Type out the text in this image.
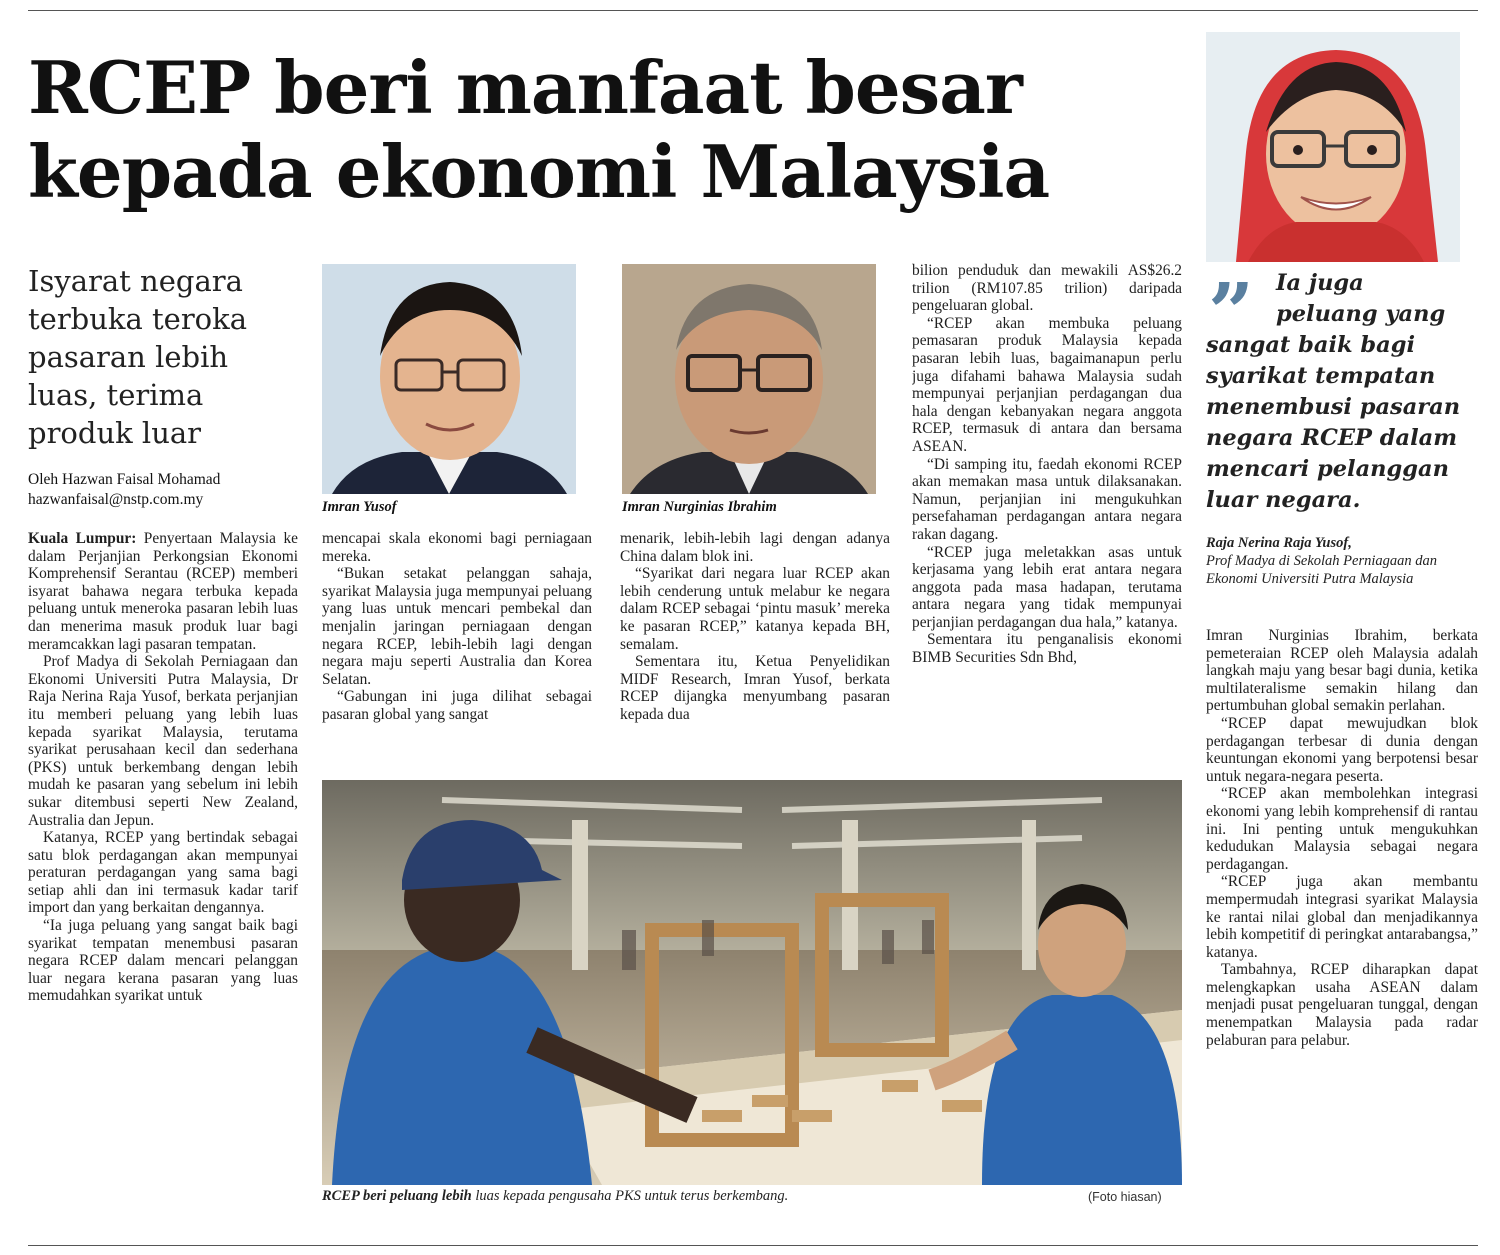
RCEP beri manfaat besar kepada ekonomi Malaysia
Isyarat negara terbuka teroka pasaran lebih luas, terima produk luar
Oleh Hazwan Faisal Mohamad
hazwanfaisal@nstp.com.my

Kuala Lumpur: Penyertaan Malaysia ke dalam Perjanjian Perkongsian Ekonomi Komprehensif Serantau (RCEP) memberi isyarat bahawa negara terbuka kepada peluang untuk meneroka pasaran lebih luas dan menerima masuk produk luar bagi meramcakkan lagi pasaran tempatan.

Prof Madya di Sekolah Perniagaan dan Ekonomi Universiti Putra Malaysia, Dr Raja Nerina Raja Yusof, berkata perjanjian itu memberi peluang yang lebih luas kepada syarikat Malaysia, terutama syarikat perusahaan kecil dan sederhana (PKS) untuk berkembang dengan lebih mudah ke pasaran yang sebelum ini lebih sukar ditembusi seperti New Zealand, Australia dan Jepun.

Katanya, RCEP yang bertindak sebagai satu blok perdagangan akan mempunyai peraturan perdagangan yang sama bagi setiap ahli dan ini termasuk kadar tarif import dan yang berkaitan dengannya.

“Ia juga peluang yang sangat baik bagi syarikat tempatan menembusi pasaran negara RCEP dalam mencari pelanggan luar negara kerana pasaran yang luas memudahkan syarikat untuk

Imran Yusof

mencapai skala ekonomi bagi perniagaan mereka.

“Bukan setakat pelanggan sahaja, syarikat Malaysia juga mempunyai peluang yang luas untuk mencari pembekal dan menjalin jaringan perniagaan dengan negara RCEP, lebih-lebih lagi dengan negara maju seperti Australia dan Korea Selatan.

“Gabungan ini juga dilihat sebagai pasaran global yang sangat

Imran Nurginias Ibrahim

menarik, lebih-lebih lagi dengan adanya China dalam blok ini.

“Syarikat dari negara luar RCEP akan lebih cenderung untuk melabur ke negara dalam RCEP sebagai ‘pintu masuk’ mereka ke pasaran RCEP,” katanya kepada BH, semalam.

Sementara itu, Ketua Penyelidikan MIDF Research, Imran Yusof, berkata RCEP dijangka menyumbang pasaran kepada dua

bilion penduduk dan mewakili AS$26.2 trilion (RM107.85 trilion) daripada pengeluaran global.

“RCEP akan membuka peluang pemasaran produk Malaysia kepada pasaran lebih luas, bagaimanapun perlu juga difahami bahawa Malaysia sudah mempunyai perjanjian perdagangan dua hala dengan kebanyakan negara anggota RCEP, termasuk di antara dan bersama ASEAN.

“Di samping itu, faedah ekonomi RCEP akan memakan masa untuk dilaksanakan. Namun, perjanjian ini mengukuhkan persefahaman perdagangan antara negara rakan dagang.

“RCEP juga meletakkan asas untuk kerjasama yang lebih erat antara negara anggota pada masa hadapan, terutama antara negara yang tidak mempunyai perjanjian perdagangan dua hala,” katanya.

Sementara itu penganalisis ekonomi BIMB Securities Sdn Bhd,

” Ia juga peluang yang sangat baik bagi syarikat tempatan menembusi pasaran negara RCEP dalam mencari pelanggan luar negara.
Raja Nerina Raja Yusof,
Prof Madya di Sekolah Perniagaan dan Ekonomi Universiti Putra Malaysia

Imran Nurginias Ibrahim, berkata pemeteraian RCEP oleh Malaysia adalah langkah maju yang besar bagi dunia, ketika multilateralisme semakin hilang dan pertumbuhan global semakin perlahan.

“RCEP dapat mewujudkan blok perdagangan terbesar di dunia dengan keuntungan ekonomi yang berpotensi besar untuk negara-negara peserta.

“RCEP akan membolehkan integrasi ekonomi yang lebih komprehensif di rantau ini. Ini penting untuk mengukuhkan kedudukan Malaysia sebagai negara perdagangan.

“RCEP juga akan membantu mempermudah integrasi syarikat Malaysia ke rantai nilai global dan menjadikannya lebih kompetitif di peringkat antarabangsa,” katanya.

Tambahnya, RCEP diharapkan dapat melengkapkan usaha ASEAN dalam menjadi pusat pengeluaran tunggal, dengan menempatkan Malaysia pada radar pelaburan para pelabur.

RCEP beri peluang lebih luas kepada pengusaha PKS untuk terus berkembang.	(Foto hiasan)
